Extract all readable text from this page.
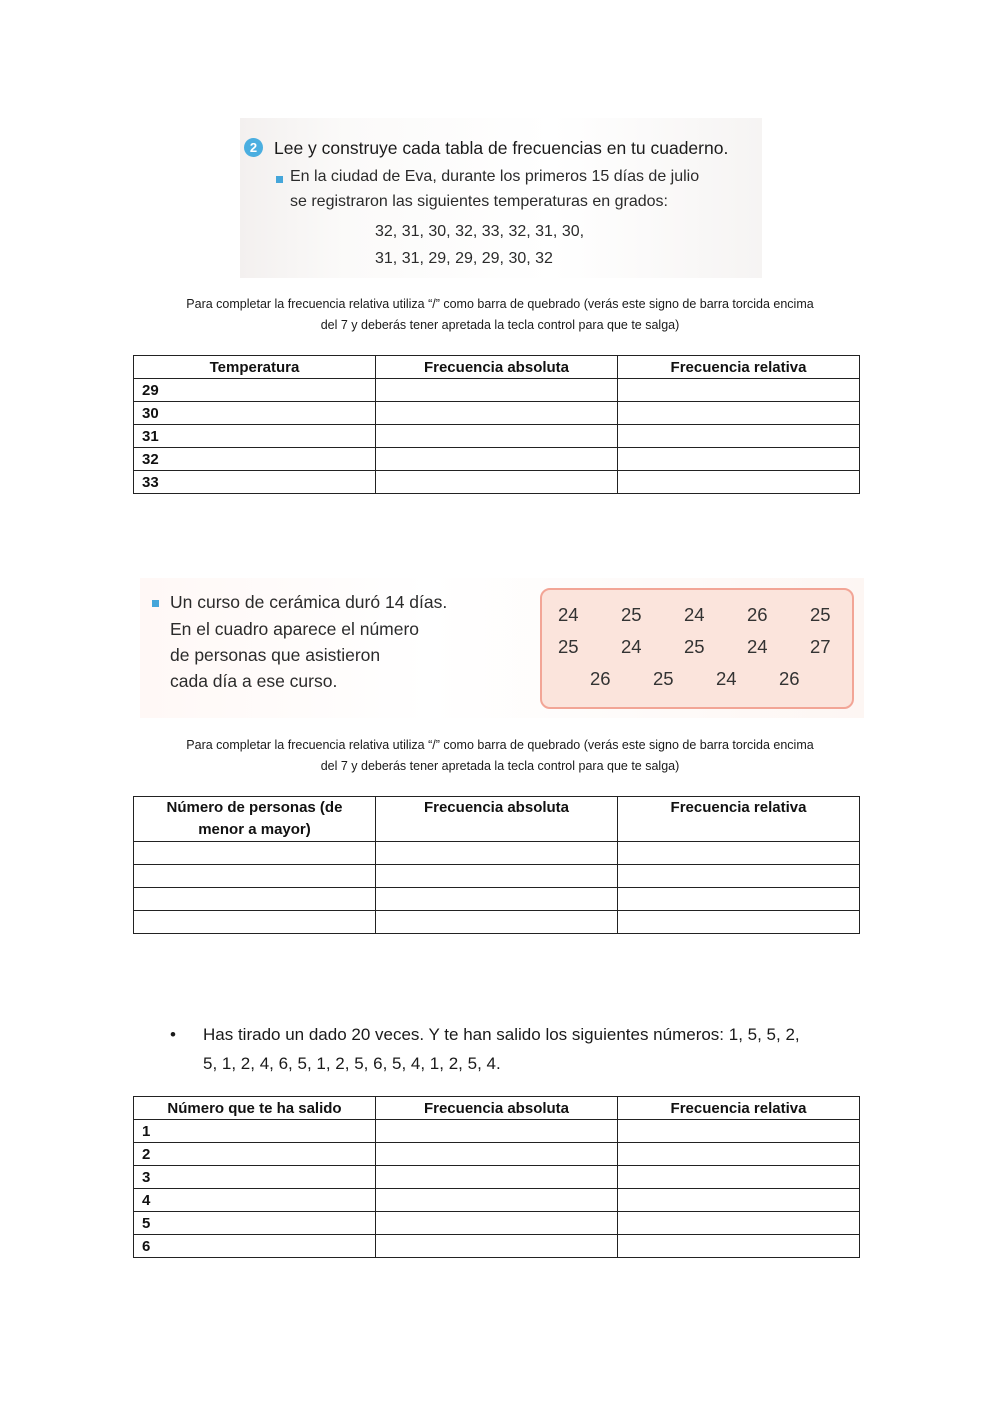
2 Lee y construye cada tabla de frecuencias en tu cuaderno.
En la ciudad de Eva, durante los primeros 15 días de julio
se registraron las siguientes temperaturas en grados:
32, 31, 30, 32, 33, 32, 31, 30,
31, 31, 29, 29, 29, 30, 32
Para completar la frecuencia relativa utiliza “/” como barra de quebrado (verás este signo de barra torcida encima
del 7 y deberás tener apretada la tecla control para que te salga)
Temperatura	Frecuencia absoluta	Frecuencia relativa
29		
30		
31		
32		
33		
Un curso de cerámica duró 14 días.
En el cuadro aparece el número
de personas que asistieron
cada día a ese curso.
24 25 24 26 25
25 24 25 24 27
26 25 24 26
Para completar la frecuencia relativa utiliza “/” como barra de quebrado (verás este signo de barra torcida encima
del 7 y deberás tener apretada la tecla control para que te salga)
Número de personas (de
menor a mayor)	Frecuencia absoluta	Frecuencia relativa

• Has tirado un dado 20 veces. Y te han salido los siguientes números: 1, 5, 5, 2,
5, 1, 2, 4, 6, 5, 1, 2, 5, 6, 5, 4, 1, 2, 5, 4.
Número que te ha salido	Frecuencia absoluta	Frecuencia relativa
1		
2		
3		
4		
5		
6		
